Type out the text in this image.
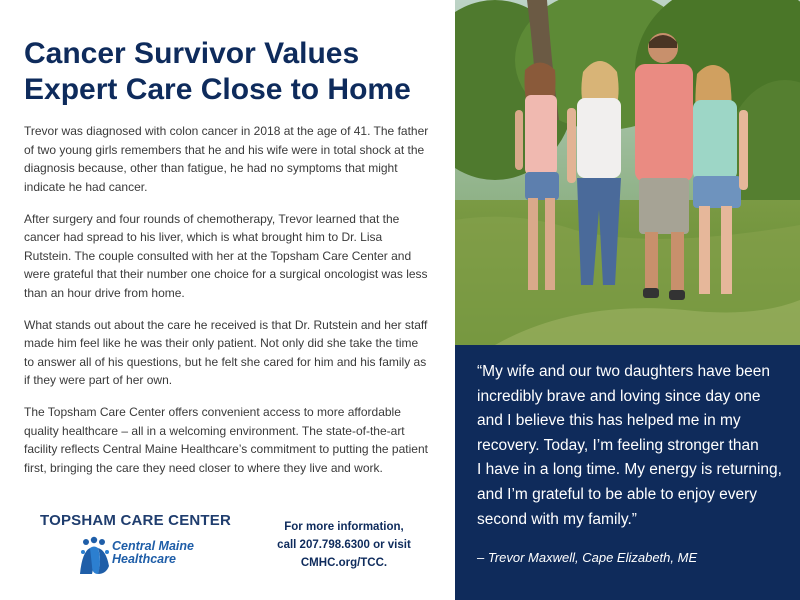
Cancer Survivor Values
Expert Care Close to Home

Trevor was diagnosed with colon cancer in 2018 at the age of 41. The father of two young girls remembers that he and his wife were in total shock at the diagnosis because, other than fatigue, he had no symptoms that might indicate he had cancer.

After surgery and four rounds of chemotherapy, Trevor learned that the cancer had spread to his liver, which is what brought him to Dr. Lisa Rutstein. The couple consulted with her at the Topsham Care Center and were grateful that their number one choice for a surgical oncologist was less than an hour drive from home.

What stands out about the care he received is that Dr. Rutstein and her staff made him feel like he was their only patient. Not only did she take the time to answer all of his questions, but he felt she cared for him and his family as if they were part of her own.

The Topsham Care Center offers convenient access to more affordable quality healthcare – all in a welcoming environment. The state-of-the-art facility reflects Central Maine Healthcare’s commitment to putting the patient first, bringing the care they need closer to where they live and work.

TOPSHAM CARE CENTER
Central Maine
Healthcare
For more information,
call 207.798.6300 or visit
CMHC.org/TCC.

“My wife and our two daughters have been
incredibly brave and loving since day one
and I believe this has helped me in my
recovery. Today, I’m feeling stronger than
I have in a long time. My energy is returning,
and I’m grateful to be able to enjoy every
second with my family.”

– Trevor Maxwell, Cape Elizabeth, ME
